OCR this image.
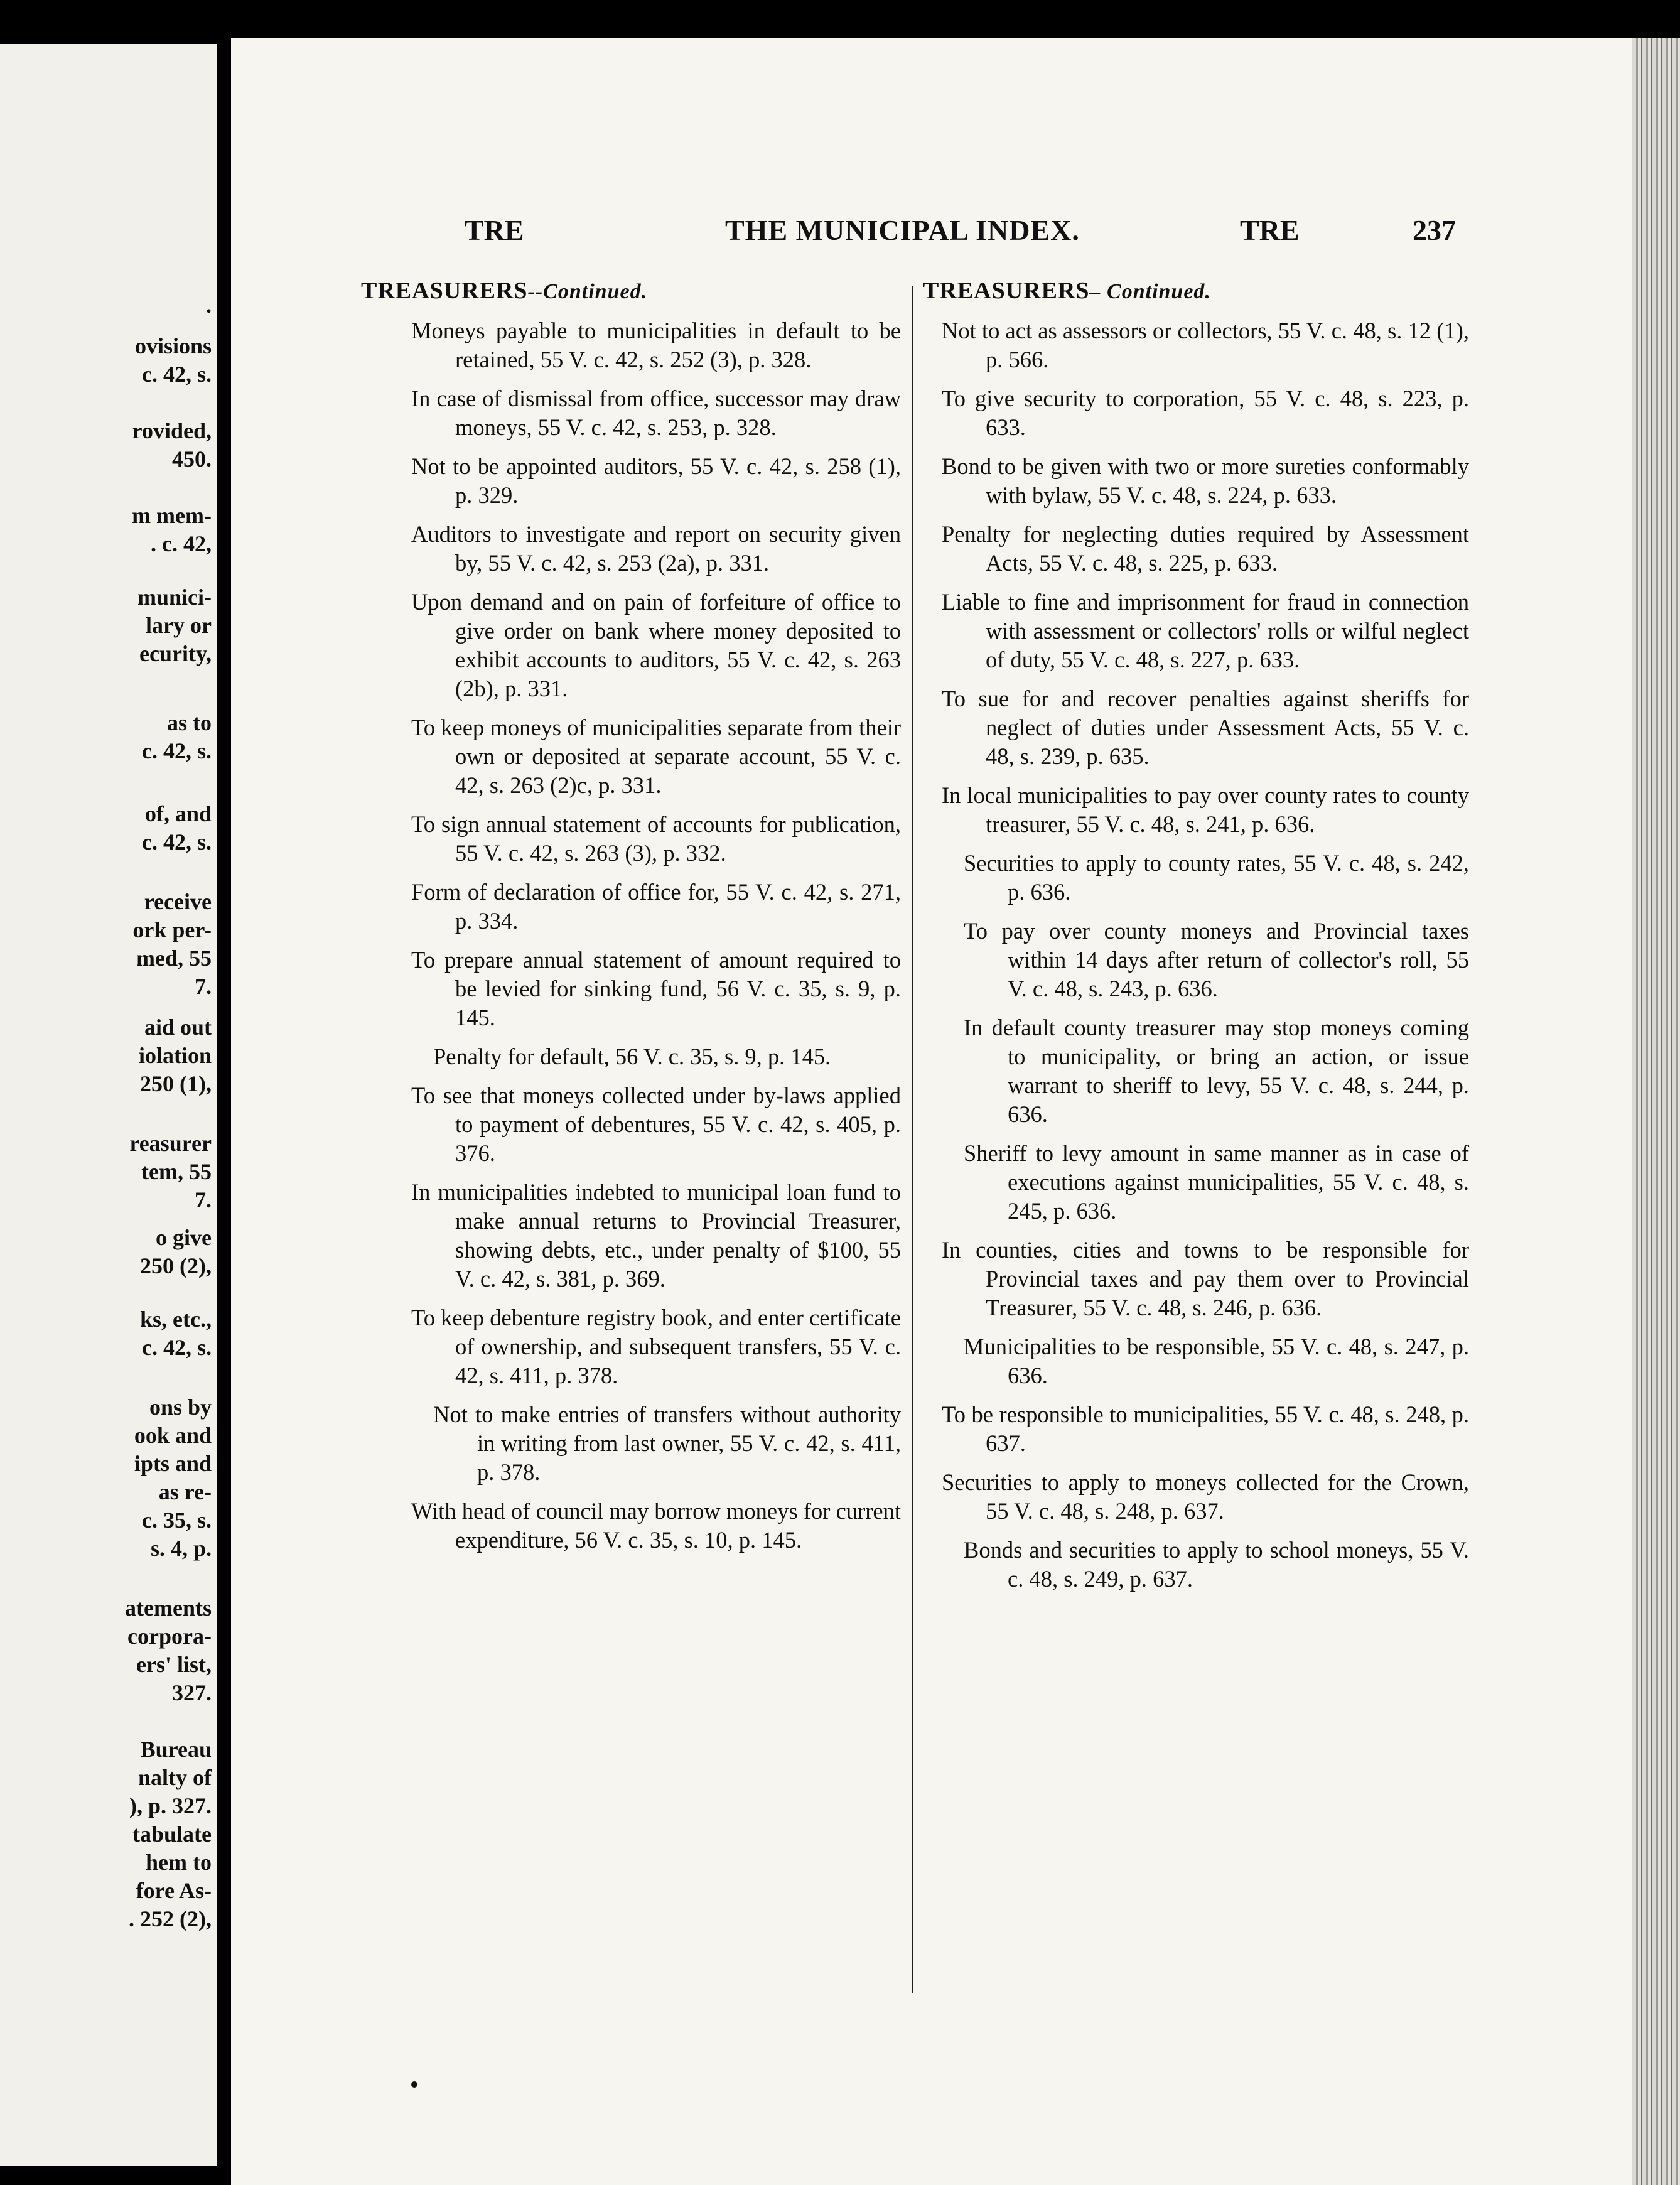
.
ovisions
c. 42, s.
rovided,
450.
m mem-
. c. 42,
munici-
lary or
ecurity,
as to
c. 42, s.
of, and
c. 42, s.
receive
ork per-
med, 55
7.
aid out
iolation
250 (1),
reasurer
tem, 55
7.
o give
250 (2),
ks, etc.,
c. 42, s.
ons by
ook and
ipts and
as re-
c. 35, s.
s. 4, p.
atements
corpora-
ers' list,
327.
Bureau
nalty of
), p. 327.
tabulate
hem to
fore As-
. 252 (2),
TRE	THE MUNICIPAL INDEX.	TRE	237
TREASURERS--Continued.
Moneys payable to municipalities in default to be retained, 55 V. c. 42, s. 252 (3), p. 328.
In case of dismissal from office, successor may draw moneys, 55 V. c. 42, s. 253, p. 328.
Not to be appointed auditors, 55 V. c. 42, s. 258 (1), p. 329.
Auditors to investigate and report on security given by, 55 V. c. 42, s. 253 (2a), p. 331.
Upon demand and on pain of forfeiture of office to give order on bank where money deposited to exhibit accounts to auditors, 55 V. c. 42, s. 263 (2b), p. 331.
To keep moneys of municipalities separate from their own or deposited at separate account, 55 V. c. 42, s. 263 (2)c, p. 331.
To sign annual statement of accounts for publication, 55 V. c. 42, s. 263 (3), p. 332.
Form of declaration of office for, 55 V. c. 42, s. 271, p. 334.
To prepare annual statement of amount required to be levied for sinking fund, 56 V. c. 35, s. 9, p. 145.
Penalty for default, 56 V. c. 35, s. 9, p. 145.
To see that moneys collected under by-laws applied to payment of debentures, 55 V. c. 42, s. 405, p. 376.
In municipalities indebted to municipal loan fund to make annual returns to Provincial Treasurer, showing debts, etc., under penalty of $100, 55 V. c. 42, s. 381, p. 369.
To keep debenture registry book, and enter certificate of ownership, and subsequent transfers, 55 V. c. 42, s. 411, p. 378.
Not to make entries of transfers without authority in writing from last owner, 55 V. c. 42, s. 411, p. 378.
With head of council may borrow moneys for current expenditure, 56 V. c. 35, s. 10, p. 145.
TREASURERS– Continued.
Not to act as assessors or collectors, 55 V. c. 48, s. 12 (1), p. 566.
To give security to corporation, 55 V. c. 48, s. 223, p. 633.
Bond to be given with two or more sureties conformably with bylaw, 55 V. c. 48, s. 224, p. 633.
Penalty for neglecting duties required by Assessment Acts, 55 V. c. 48, s. 225, p. 633.
Liable to fine and imprisonment for fraud in connection with assessment or collectors' rolls or wilful neglect of duty, 55 V. c. 48, s. 227, p. 633.
To sue for and recover penalties against sheriffs for neglect of duties under Assessment Acts, 55 V. c. 48, s. 239, p. 635.
In local municipalities to pay over county rates to county treasurer, 55 V. c. 48, s. 241, p. 636.
Securities to apply to county rates, 55 V. c. 48, s. 242, p. 636.
To pay over county moneys and Provincial taxes within 14 days after return of collector's roll, 55 V. c. 48, s. 243, p. 636.
In default county treasurer may stop moneys coming to municipality, or bring an action, or issue warrant to sheriff to levy, 55 V. c. 48, s. 244, p. 636.
Sheriff to levy amount in same manner as in case of executions against municipalities, 55 V. c. 48, s. 245, p. 636.
In counties, cities and towns to be responsible for Provincial taxes and pay them over to Provincial Treasurer, 55 V. c. 48, s. 246, p. 636.
Municipalities to be responsible, 55 V. c. 48, s. 247, p. 636.
To be responsible to municipalities, 55 V. c. 48, s. 248, p. 637.
Securities to apply to moneys collected for the Crown, 55 V. c. 48, s. 248, p. 637.
Bonds and securities to apply to school moneys, 55 V. c. 48, s. 249, p. 637.
